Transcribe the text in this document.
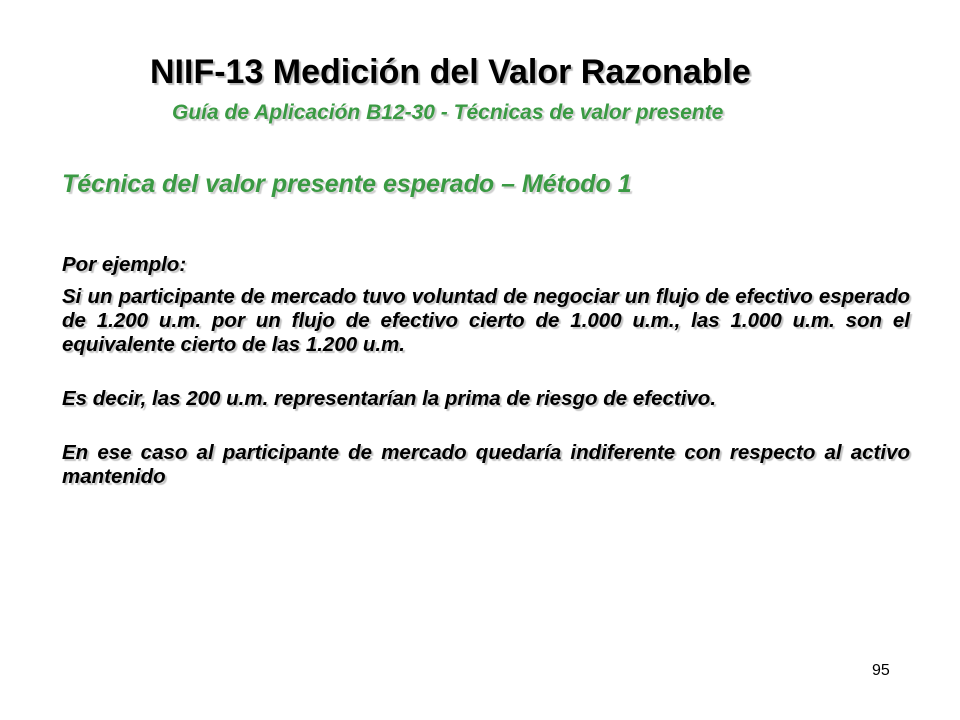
NIIF-13 Medición del Valor Razonable
Guía de Aplicación B12-30 - Técnicas de valor presente
Técnica del valor presente esperado – Método 1

Por ejemplo:

Si un participante de mercado tuvo voluntad de negociar un flujo de efectivo esperado de 1.200 u.m. por un flujo de efectivo cierto de 1.000 u.m., las 1.000 u.m. son el equivalente cierto de las 1.200 u.m.

Es decir, las 200 u.m. representarían la prima de riesgo de efectivo.

En ese caso al participante de mercado quedaría indiferente con respecto al activo mantenido

95
